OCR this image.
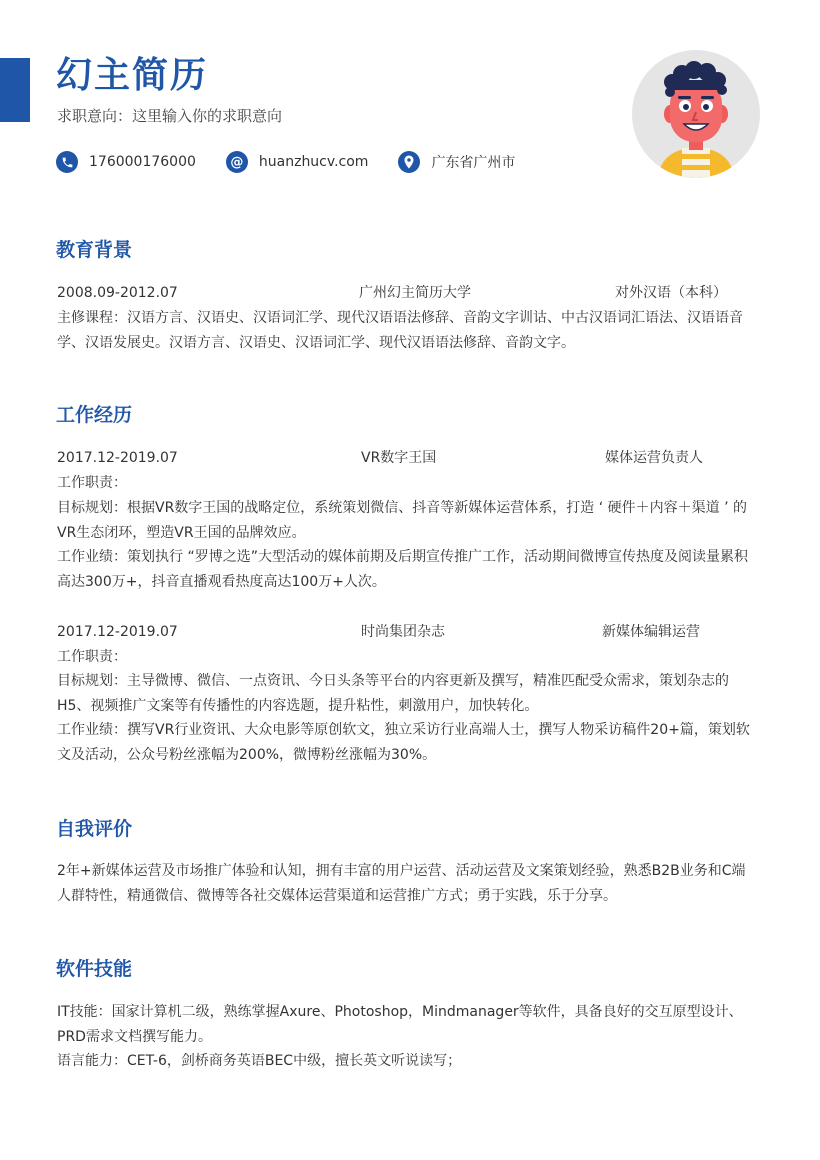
幻主简历
求职意向：这里输入你的求职意向
176000176000	@	huanzhucv.com	广东省广州市
教育背景
2008.09-2012.07	广州幻主简历大学	对外汉语（本科）

主修课程：汉语方言、汉语史、汉语词汇学、现代汉语语法修辞、音韵文字训诂、中古汉语词汇语法、汉语语音学、汉语发展史。汉语方言、汉语史、汉语词汇学、现代汉语语法修辞、音韵文字。

工作经历
2017.12-2019.07	VR数字王国	媒体运营负责人

工作职责：

目标规划：根据VR数字王国的战略定位，系统策划微信、抖音等新媒体运营体系，打造 ‘ 硬件＋内容＋渠道 ’ 的VR生态闭环，塑造VR王国的品牌效应。

工作业绩：策划执行 “罗博之选”大型活动的媒体前期及后期宣传推广工作，活动期间微博宣传热度及阅读量累积高达300万+，抖音直播观看热度高达100万+人次。

2017.12-2019.07	时尚集团杂志	新媒体编辑运营

工作职责：

目标规划：主导微博、微信、一点资讯、今日头条等平台的内容更新及撰写，精准匹配受众需求，策划杂志的H5、视频推广文案等有传播性的内容选题，提升粘性，刺激用户，加快转化。

工作业绩：撰写VR行业资讯、大众电影等原创软文，独立采访行业高端人士，撰写人物采访稿件20+篇，策划软文及活动，公众号粉丝涨幅为200%，微博粉丝涨幅为30%。

自我评价

2年+新媒体运营及市场推广体验和认知，拥有丰富的用户运营、活动运营及文案策划经验，熟悉B2B业务和C端人群特性，精通微信、微博等各社交媒体运营渠道和运营推广方式；勇于实践，乐于分享。

软件技能

IT技能：国家计算机二级，熟练掌握Axure、Photoshop，Mindmanager等软件，具备良好的交互原型设计、PRD需求文档撰写能力。

语言能力：CET-6，剑桥商务英语BEC中级，擅长英文听说读写；
